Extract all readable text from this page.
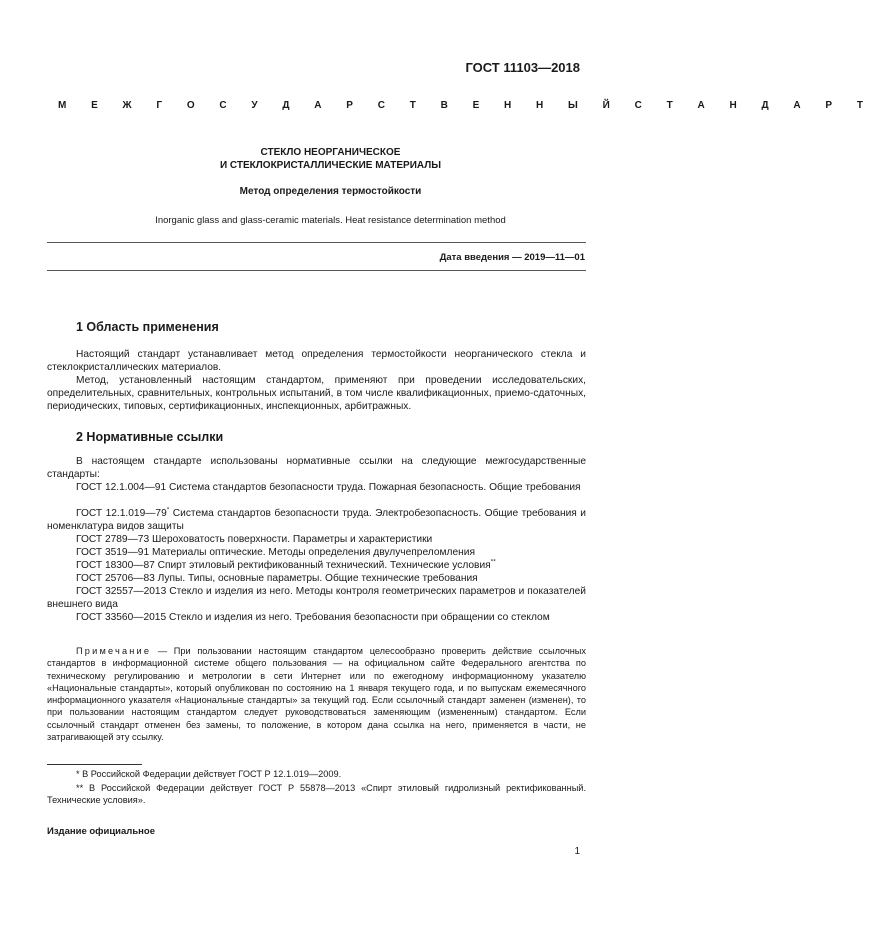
ГОСТ 11103—2018
М Е Ж Г О С У Д А Р С Т В Е Н Н Ы Й С Т А Н Д А Р Т
СТЕКЛО НЕОРГАНИЧЕСКОЕ
И СТЕКЛОКРИСТАЛЛИЧЕСКИЕ МАТЕРИАЛЫ
Метод определения термостойкости
Inorganic glass and glass-ceramic materials. Heat resistance determination method
Дата введения — 2019—11—01
1 Область применения
Настоящий стандарт устанавливает метод определения термостойкости неорганического стекла и стеклокристаллических материалов.
Метод, установленный настоящим стандартом, применяют при проведении исследовательских, определительных, сравнительных, контрольных испытаний, в том числе квалификационных, приемо-сдаточных, периодических, типовых, сертификационных, инспекционных, арбитражных.
2 Нормативные ссылки
В настоящем стандарте использованы нормативные ссылки на следующие межгосударственные стандарты:
ГОСТ 12.1.004—91 Система стандартов безопасности труда. Пожарная безопасность. Общие требования
ГОСТ 12.1.019—79* Система стандартов безопасности труда. Электробезопасность. Общие требования и номенклатура видов защиты
ГОСТ 2789—73 Шероховатость поверхности. Параметры и характеристики
ГОСТ 3519—91 Материалы оптические. Методы определения двулучепреломления
ГОСТ 18300—87 Спирт этиловый ректификованный технический. Технические условия**
ГОСТ 25706—83 Лупы. Типы, основные параметры. Общие технические требования
ГОСТ 32557—2013 Стекло и изделия из него. Методы контроля геометрических параметров и показателей внешнего вида
ГОСТ 33560—2015 Стекло и изделия из него. Требования безопасности при обращении со стеклом
Примечание — При пользовании настоящим стандартом целесообразно проверить действие ссылочных стандартов в информационной системе общего пользования — на официальном сайте Федерального агентства по техническому регулированию и метрологии в сети Интернет или по ежегодному информационному указателю «Национальные стандарты», который опубликован по состоянию на 1 января текущего года, и по выпускам ежемесячного информационного указателя «Национальные стандарты» за текущий год. Если ссылочный стандарт заменен (изменен), то при пользовании настоящим стандартом следует руководствоваться заменяющим (измененным) стандартом. Если ссылочный стандарт отменен без замены, то положение, в котором дана ссылка на него, применяется в части, не затрагивающей эту ссылку.
* В Российской Федерации действует ГОСТ Р 12.1.019—2009.
** В Российской Федерации действует ГОСТ Р 55878—2013 «Спирт этиловый гидролизный ректификованный. Технические условия».
Издание официальное
1
